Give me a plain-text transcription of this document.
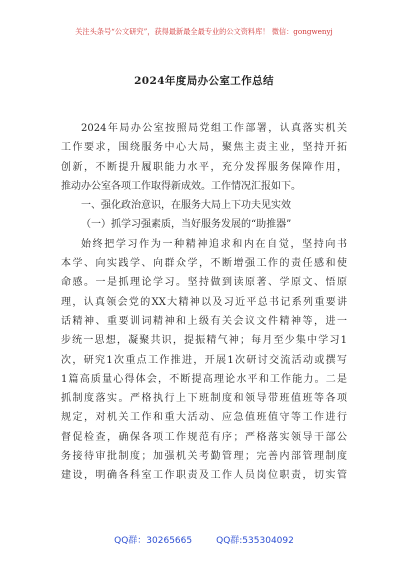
关注头条号“公文研究”，获得最新最全最专业的公文资料库！ 微信：gongwenyj
2024年度局办公室工作总结
2024年局办公室按照局党组工作部署，认真落实机关
工作要求，围绕服务中心大局，聚焦主责主业，坚持开拓
创新，不断提升履职能力水平，充分发挥服务保障作用，
推动办公室各项工作取得新成效。工作情况汇报如下。
一、强化政治意识，在服务大局上下功夫见实效
（一）抓学习强素质，当好服务发展的“助推器”
始终把学习作为一种精神追求和内在自觉，坚持向书
本学、向实践学、向群众学，不断增强工作的责任感和使
命感。一是抓理论学习。坚持做到读原著、学原文、悟原
理，认真领会党的XX大精神以及习近平总书记系列重要讲
话精神、重要训词精神和上级有关会议文件精神等，进一
步统一思想，凝聚共识，提振精气神；每月至少集中学习1
次，研究1次重点工作推进，开展1次研讨交流活动或撰写
1篇高质量心得体会，不断提高理论水平和工作能力。二是
抓制度落实。严格执行上下班制度和领导带班值班等各项
规定，对机关工作和重大活动、应急值班值守等工作进行
督促检查，确保各项工作规范有序；严格落实领导干部公
务接待审批制度；加强机关考勤管理；完善内部管理制度
建设，明确各科室工作职责及工作人员岗位职责，切实管
QQ群：30265665	QQ群:535304092
